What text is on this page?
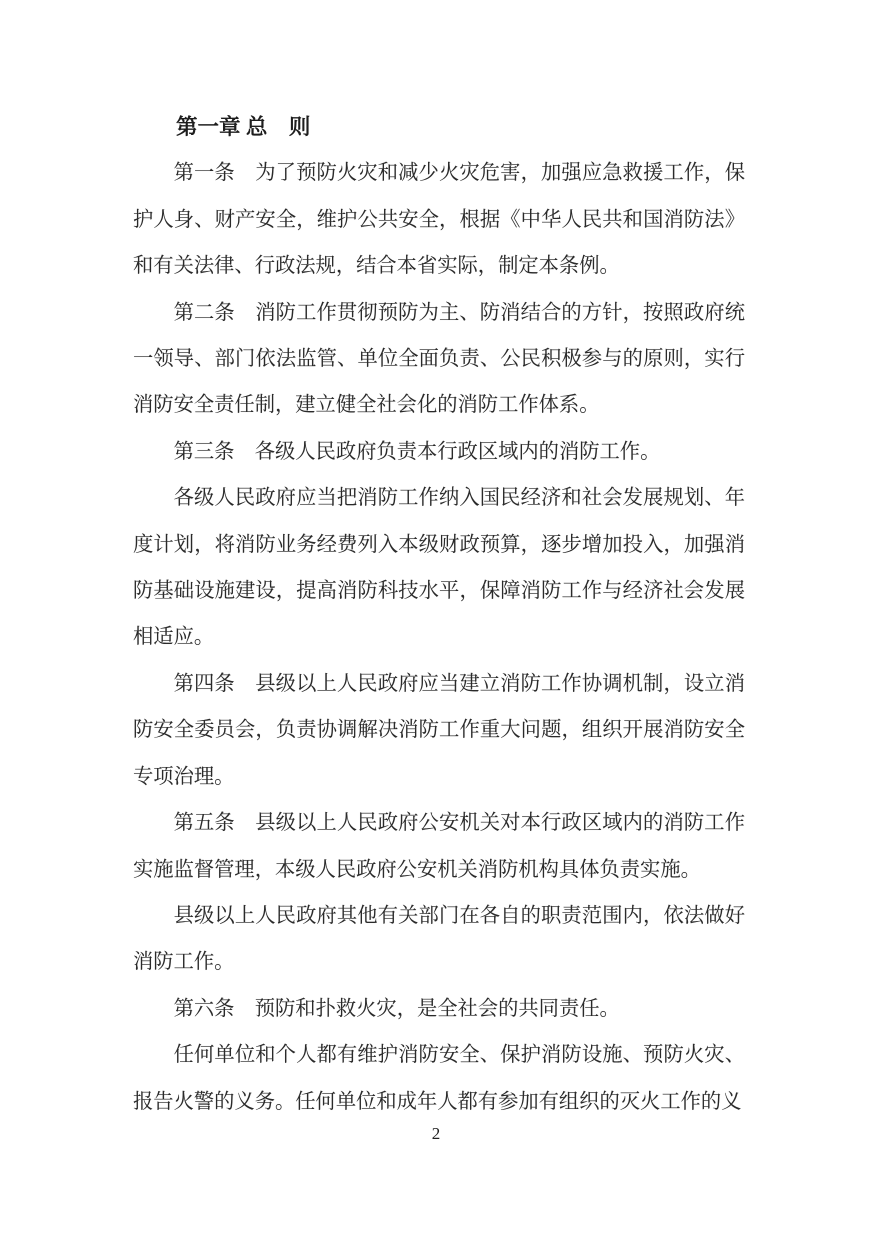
第一章 总　则

第一条　为了预防火灾和减少火灾危害，加强应急救援工作，保护人身、财产安全，维护公共安全，根据《中华人民共和国消防法》和有关法律、行政法规，结合本省实际，制定本条例。

第二条　消防工作贯彻预防为主、防消结合的方针，按照政府统一领导、部门依法监管、单位全面负责、公民积极参与的原则，实行消防安全责任制，建立健全社会化的消防工作体系。

第三条　各级人民政府负责本行政区域内的消防工作。

各级人民政府应当把消防工作纳入国民经济和社会发展规划、年度计划，将消防业务经费列入本级财政预算，逐步增加投入，加强消防基础设施建设，提高消防科技水平，保障消防工作与经济社会发展相适应。

第四条　县级以上人民政府应当建立消防工作协调机制，设立消防安全委员会，负责协调解决消防工作重大问题，组织开展消防安全专项治理。

第五条　县级以上人民政府公安机关对本行政区域内的消防工作实施监督管理，本级人民政府公安机关消防机构具体负责实施。

县级以上人民政府其他有关部门在各自的职责范围内，依法做好消防工作。

第六条　预防和扑救火灾，是全社会的共同责任。

任何单位和个人都有维护消防安全、保护消防设施、预防火灾、报告火警的义务。任何单位和成年人都有参加有组织的灭火工作的义

2
